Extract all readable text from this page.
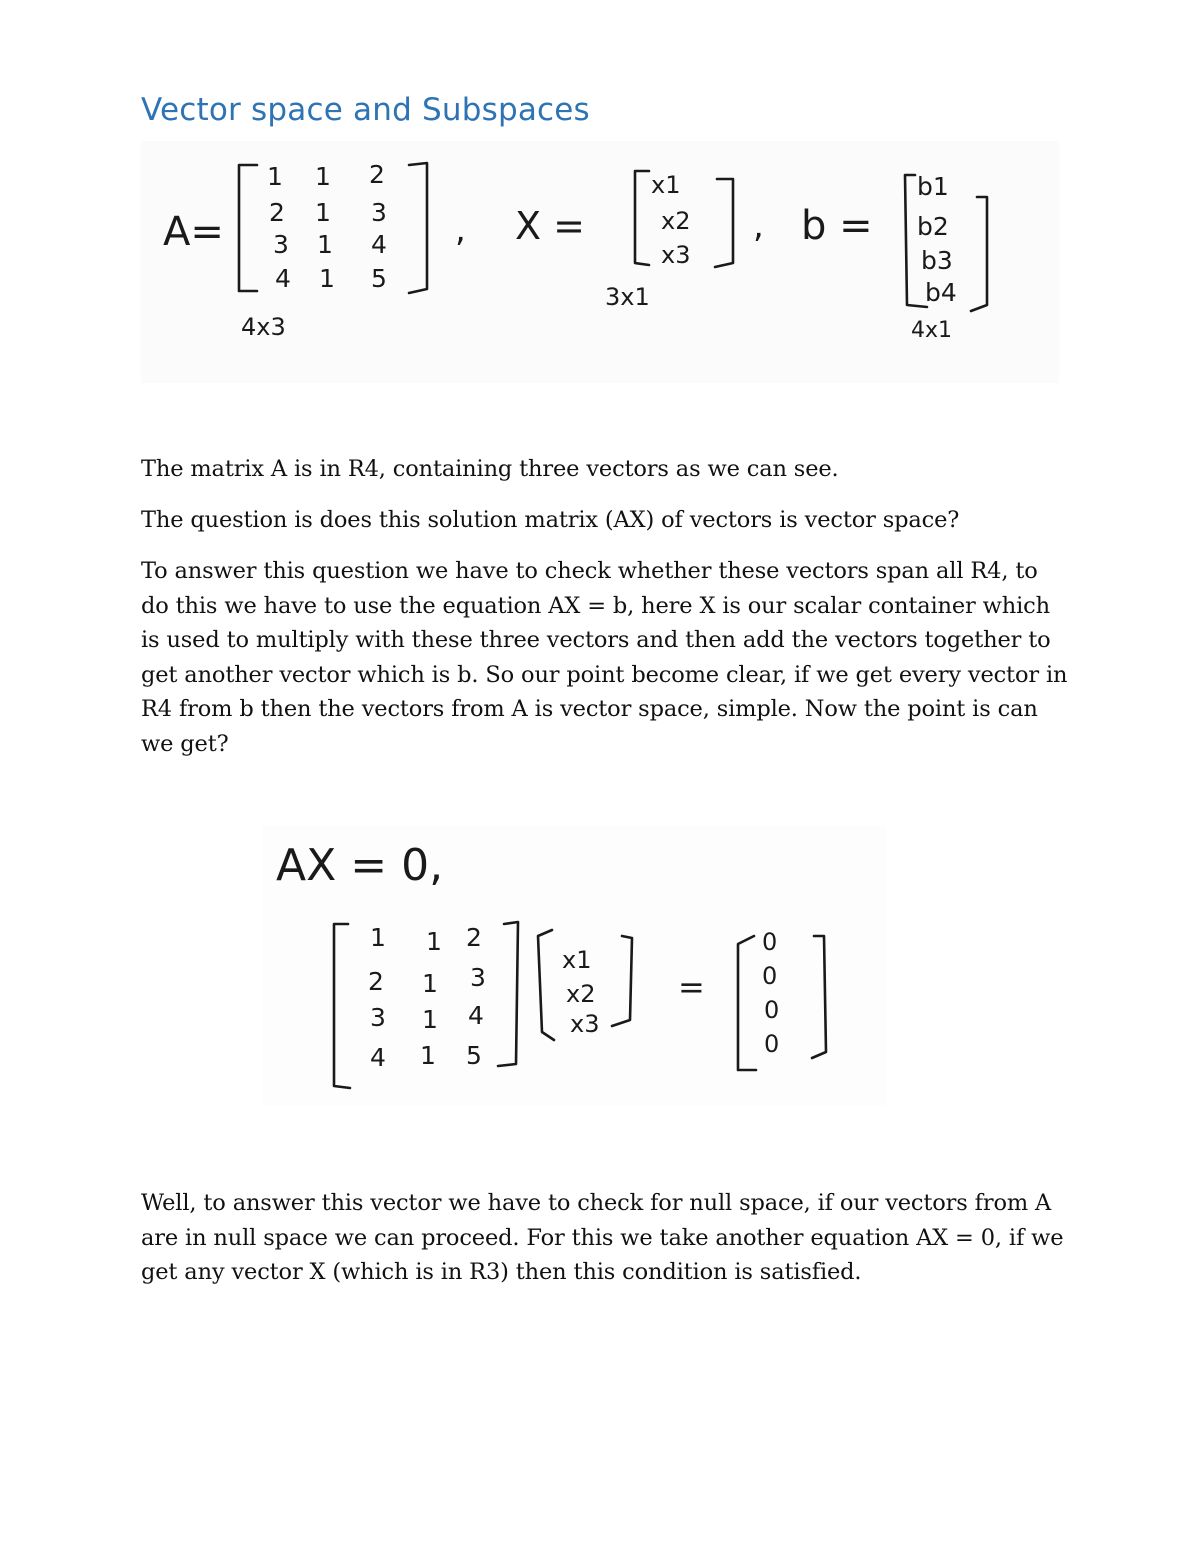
Vector space and Subspaces
A=
1 1 2
2 1 3
3 1 4
4 1 5
4x3
, X =
x1
x2
x3
3x1
, b =
b1
b2
b3
b4
4x1

The matrix A is in R4, containing three vectors as we can see.

The question is does this solution matrix (AX) of vectors is vector space?

To answer this question we have to check whether these vectors span all R4, to do this we have to use the equation AX = b, here X is our scalar container which is used to multiply with these three vectors and then add the vectors together to get another vector which is b. So our point become clear, if we get every vector in R4 from b then the vectors from A is vector space, simple. Now the point is can we get?

AX = 0,
1 1 2
2 1 3
3 1 4
4 1 5
x1
x2
x3
=
0
0
0
0

Well, to answer this vector we have to check for null space, if our vectors from A are in null space we can proceed. For this we take another equation AX = 0, if we get any vector X (which is in R3) then this condition is satisfied.
